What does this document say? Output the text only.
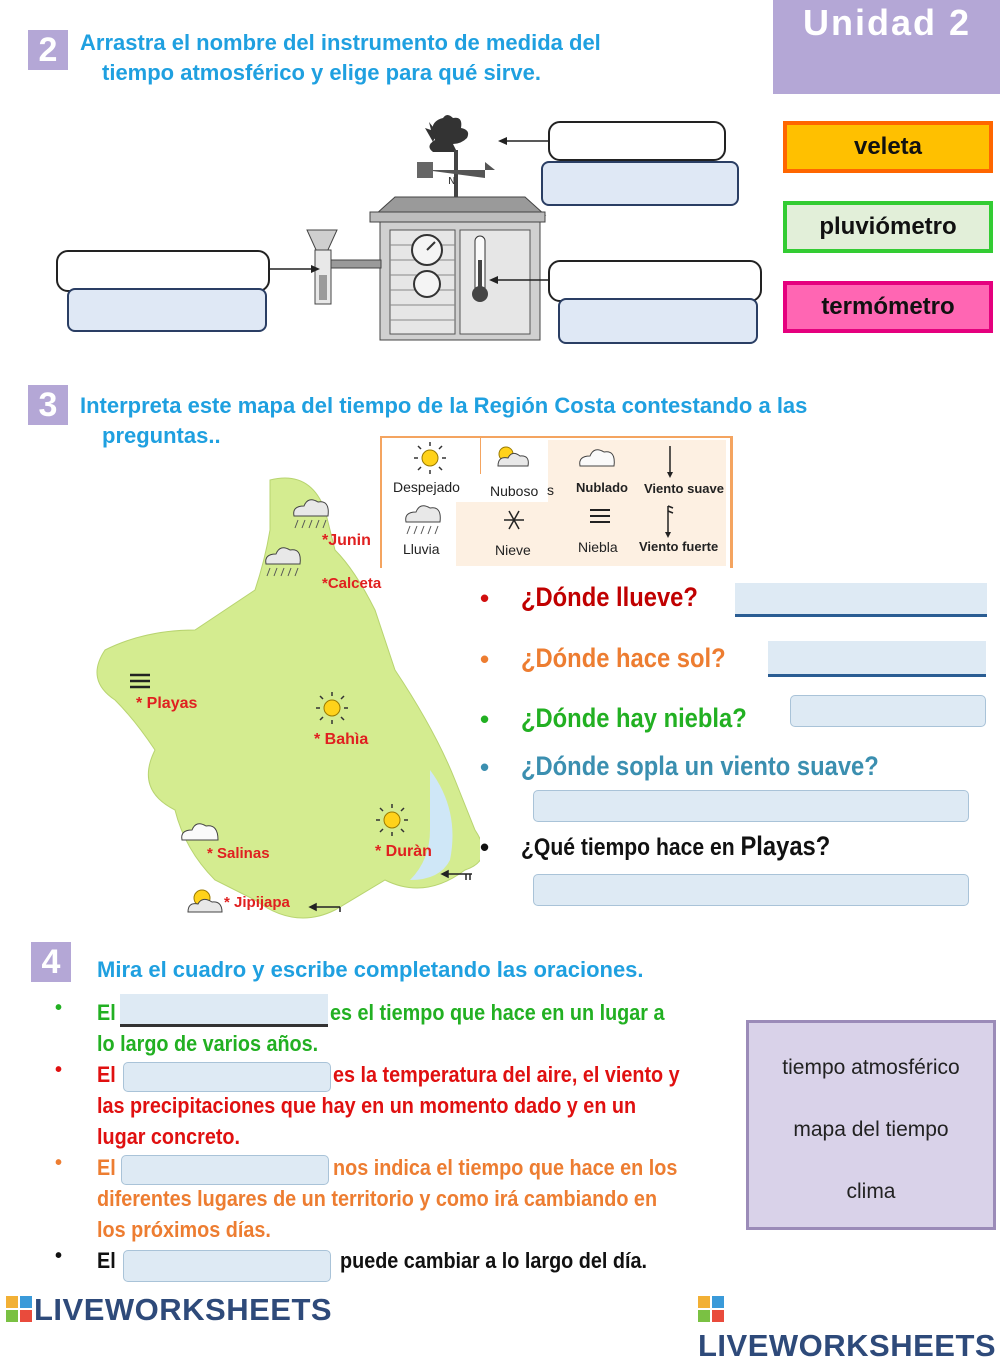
Unidad 2
2	Arrastra el nombre del instrumento de medida del
tiempo atmosférico y elige para qué sirve.
N
veleta
pluviómetro
termómetro
3	Interpreta este mapa del tiempo de la Región Costa contestando a las
preguntas..
Despejado Nuboso s Nublado Viento suave
Lluvia	Nieve	Niebla Viento fuerte
*Junin
*Calceta
* Playas
* Bahìa
* Salinas	* Duràn
* Jipijapa
• ¿Dónde llueve?
• ¿Dónde hace sol?
• ¿Dónde hay niebla?
• ¿Dónde sopla un viento suave?
• ¿Qué tiempo hace en Playas?
4	Mira el cuadro y escribe completando las oraciones.
• El	es el tiempo que hace en un lugar a
lo largo de varios años.
• El	es la temperatura del aire, el viento y
las precipitaciones que hay en un momento dado y en un
lugar concreto.
• El	nos indica el tiempo que hace en los
diferentes lugares de un territorio y como irá cambiando en
los próximos días.
• El	puede cambiar a lo largo del día.
tiempo atmosférico
mapa del tiempo
clima
LIVEWORKSHEETS
LIVEWORKSHEETS
